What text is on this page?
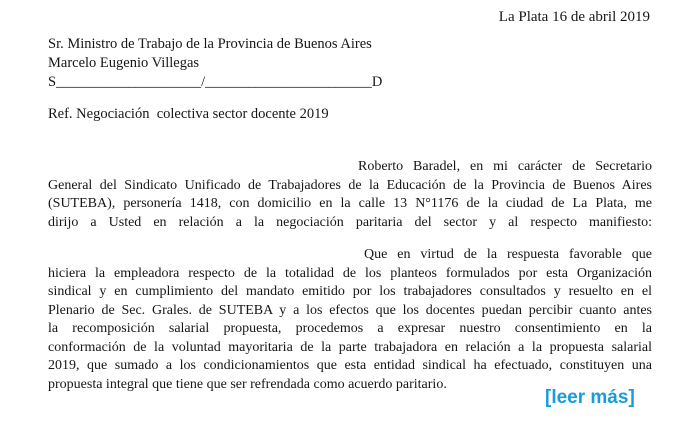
La Plata 16 de abril 2019
Sr. Ministro de Trabajo de la Provincia de Buenos Aires
Marcelo Eugenio Villegas
S____________________/_______________________D
Ref. Negociación  colectiva sector docente 2019
Roberto Baradel, en mi carácter de Secretario
General del Sindicato Unificado de Trabajadores de la Educación de la Provincia de Buenos Aires
(SUTEBA), personería 1418, con domicilio en la calle 13 N°1176 de la ciudad de La Plata, me
dirijo a Usted en relación a la negociación paritaria del sector y al respecto manifiesto:
Que en virtud de la respuesta favorable que
hiciera la empleadora respecto de la totalidad de los planteos formulados por esta Organización
sindical y en cumplimiento del mandato emitido por los trabajadores consultados y resuelto en el
Plenario de Sec. Grales. de SUTEBA y a los efectos que los docentes puedan percibir cuanto antes
la recomposición salarial propuesta, procedemos a expresar nuestro consentimiento en la
conformación de la voluntad mayoritaria de la parte trabajadora en relación a la propuesta salarial
2019, que sumado a los condicionamientos que esta entidad sindical ha efectuado, constituyen una
propuesta integral que tiene que ser refrendada como acuerdo paritario.
[leer más]
